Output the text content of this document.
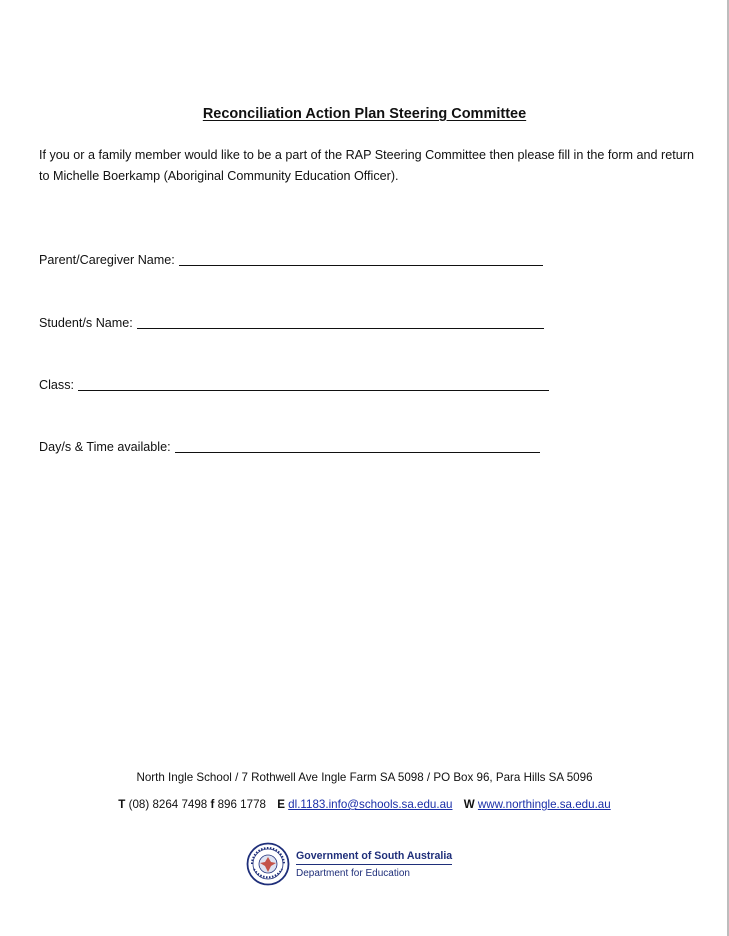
Reconciliation Action Plan Steering Committee
If you or a family member would like to be a part of the RAP Steering Committee then please fill in the form and return to Michelle Boerkamp (Aboriginal Community Education Officer).
Parent/Caregiver Name:
Student/s Name:
Class:
Day/s & Time available:
North Ingle School / 7 Rothwell Ave Ingle Farm SA 5098 / PO Box 96, Para Hills SA 5096
T (08) 8264 7498 f 896 1778 E dl.1183.info@schools.sa.edu.au W www.northingle.sa.edu.au
Government of South Australia
Department for Education
